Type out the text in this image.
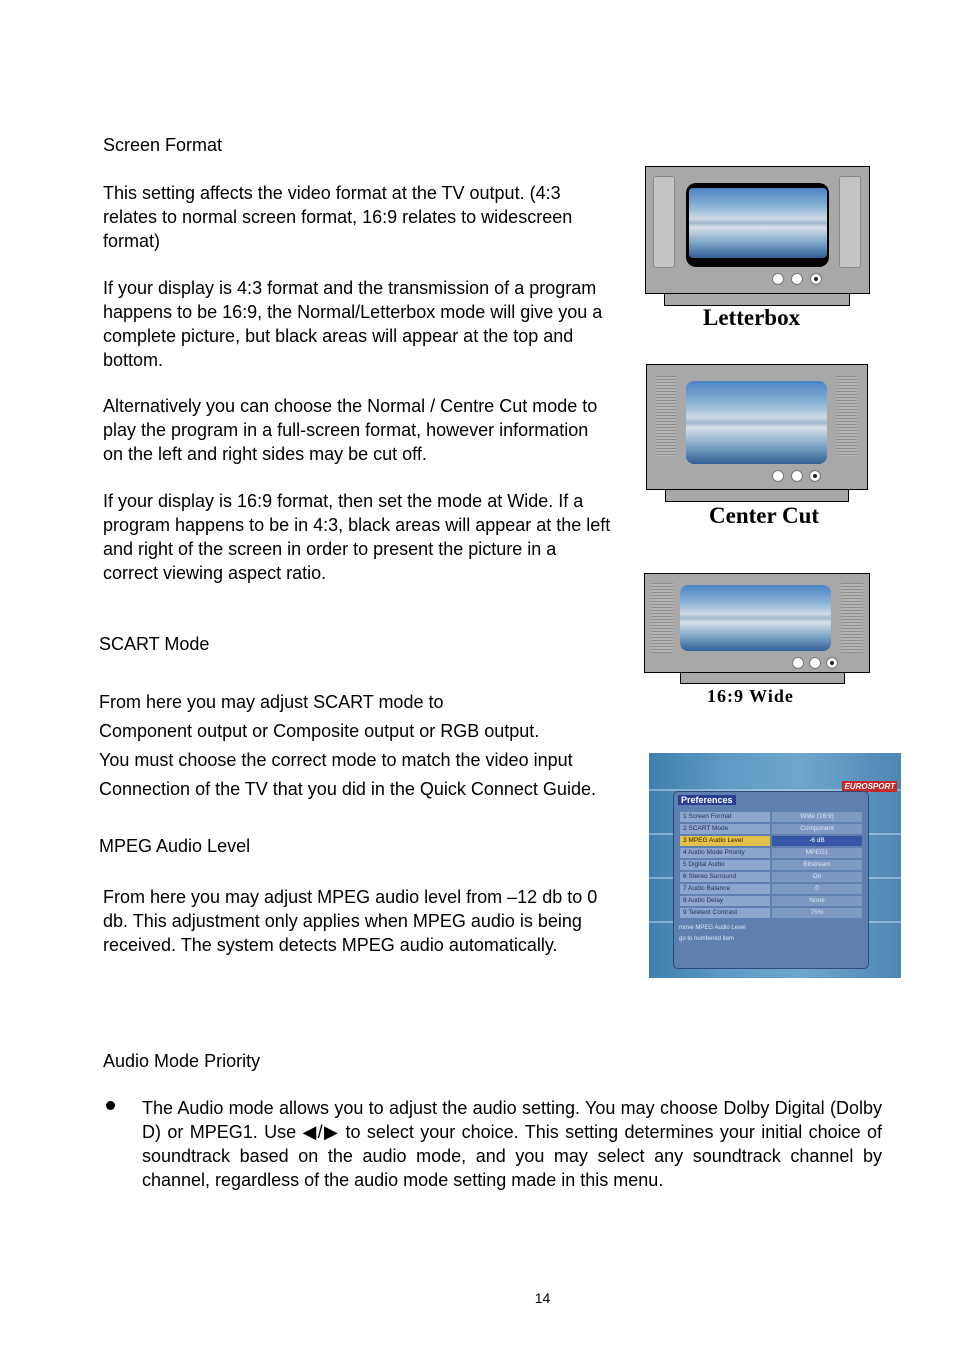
Screen Format
This setting affects the video format at the TV output. (4:3 relates to normal screen format, 16:9 relates to widescreen format)
If your display is 4:3 format and the transmission of a program happens to be 16:9, the Normal/Letterbox mode will give you a complete picture, but black areas will appear at the top and bottom.
Alternatively you can choose the Normal / Centre Cut mode to play the program in a full-screen format, however information on the left and right sides may be cut off.
If your display is 16:9 format, then set the mode at Wide. If a program happens to be in 4:3, black areas will appear at the left and right of the screen in order to present the picture in a correct viewing aspect ratio.
Letterbox
Center Cut
16:9 Wide
SCART Mode
From here you may adjust SCART mode to
Component output or Composite output or RGB output.
You must choose the correct mode to match the video input
Connection of the TV that you did in the Quick Connect Guide.	EUROSPORT
Preferences
1 Screen Format	Wide (16:9)
2 SCART Mode	Component
3 MPEG Audio Level	-6 dB
4 Audio Mode Priority	MPEG1
5 Digital Audio	Bitstream
6 Stereo Surround	On
7 Audio Balance	0
8 Audio Delay	None
9 Teletext Contrast	75%
move MPEG Audio Level
go to numbered item
MPEG Audio Level
From here you may adjust MPEG audio level from –12 db to 0 db. This adjustment only applies when MPEG audio is being received. The system detects MPEG audio automatically.
Audio Mode Priority
The Audio mode allows you to adjust the audio setting. You may choose Dolby Digital (Dolby D) or MPEG1. Use ◀/▶ to select your choice. This setting determines your initial choice of soundtrack based on the audio mode, and you may select any soundtrack channel by channel, regardless of the audio mode setting made in this menu.
14
